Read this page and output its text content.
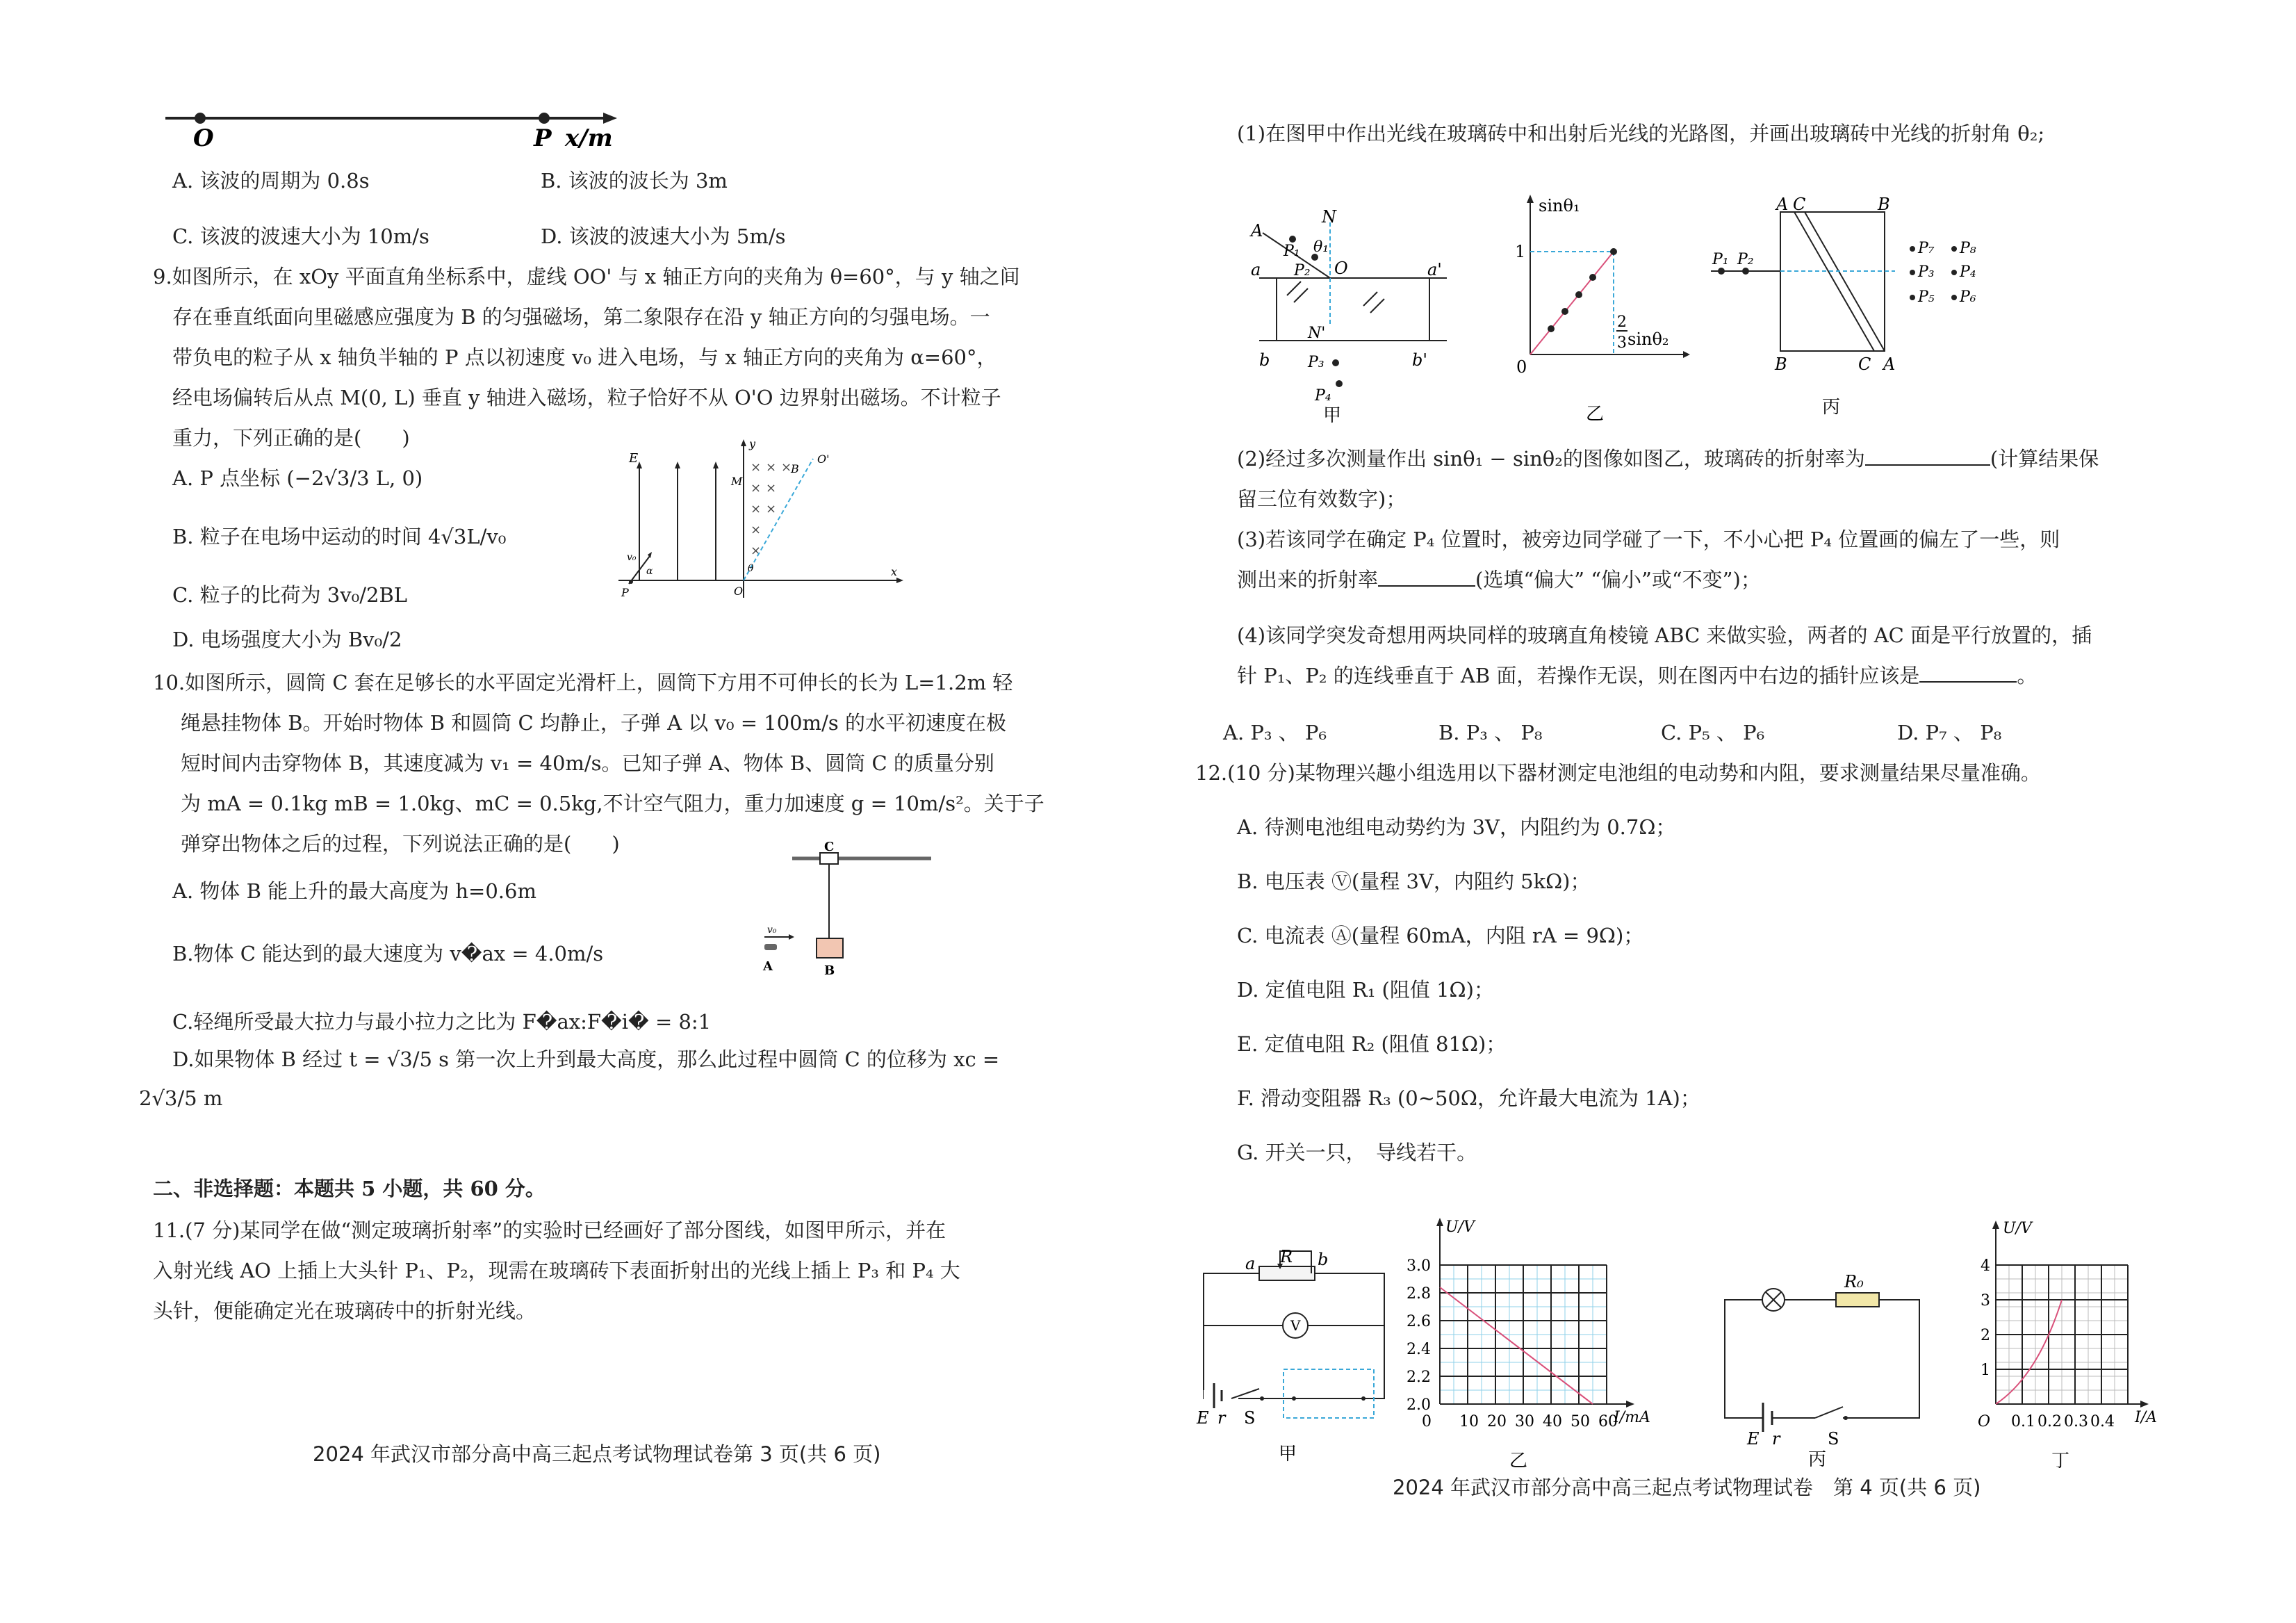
O	P x/m
A. 该波的周期为 0.8s	B. 该波的波长为 3m
C. 该波的波速大小为 10m/s	D. 该波的波速大小为 5m/s
9.如图所示，在 xOy 平面直角坐标系中，虚线 OO' 与 x 轴正方向的夹角为 θ=60°，与 y 轴之间
存在垂直纸面向里磁感应强度为 B 的匀强磁场，第二象限存在沿 y 轴正方向的匀强电场。一
带负电的粒子从 x 轴负半轴的 P 点以初速度 v₀ 进入电场，与 x 轴正方向的夹角为 α=60°，
经电场偏转后从点 M(0, L) 垂直 y 轴进入磁场，粒子恰好不从 O'O 边界射出磁场。不计粒子
重力，下列正确的是(　　)
A. P 点坐标 (−2√3/3 L, 0)
B. 粒子在电场中运动的时间 4√3L/v₀
C. 粒子的比荷为 3v₀/2BL
D. 电场强度大小为 Bv₀/2
× × ×
× ×
× ×
×
×
E
y
x
M
O
P
B
O'
v₀
α	θ
10.如图所示，圆筒 C 套在足够长的水平固定光滑杆上，圆筒下方用不可伸长的长为 L=1.2m 轻
绳悬挂物体 B。开始时物体 B 和圆筒 C 均静止，子弹 A 以 v₀ = 100m/s 的水平初速度在极
短时间内击穿物体 B，其速度减为 v₁ = 40m/s。已知子弹 A、物体 B、圆筒 C 的质量分别
为 mA = 0.1kg mB = 1.0kg、mC = 0.5kg,不计空气阻力，重力加速度 g = 10m/s²。关于子
弹穿出物体之后的过程，下列说法正确的是(　　)
A. 物体 B 能上升的最大高度为 h=0.6m
B.物体 C 能达到的最大速度为 v�ax = 4.0m/s
C.轻绳所受最大拉力与最小拉力之比为 F�ax:F�i� = 8:1
D.如果物体 B 经过 t = √3/5 s 第一次上升到最大高度，那么此过程中圆筒 C 的位移为 xc =
2√3/5 m
C
A	B
v₀
二、非选择题：本题共 5 小题，共 60 分。
11.(7 分)某同学在做“测定玻璃折射率”的实验时已经画好了部分图线，如图甲所示，并在
入射光线 AO 上插上大头针 P₁、P₂，现需在玻璃砖下表面折射出的光线上插上 P₃ 和 P₄ 大
头针，便能确定光在玻璃砖中的折射光线。
2024 年武汉市部分高中高三起点考试物理试卷第 3 页(共 6 页)
(1)在图甲中作出光线在玻璃砖中和出射后光线的光路图，并画出玻璃砖中光线的折射角 θ₂;
A
N
P₁
P₂
θ₁
O
a	a'
N'
b	b'
P₃
P₄
甲
sinθ₁
sinθ₂
1
2
3
0
乙
A C	B
B	C A
P₁ P₂
P₇ P₈
P₃ P₄
P₅ P₆
丙
(2)经过多次测量作出 sinθ₁ − sinθ₂的图像如图乙，玻璃砖的折射率为	(计算结果保
留三位有效数字)；
(3)若该同学在确定 P₄ 位置时，被旁边同学碰了一下，不小心把 P₄ 位置画的偏左了一些，则
测出来的折射率	(选填“偏大” “偏小”或“不变”)；
(4)该同学突发奇想用两块同样的玻璃直角棱镜 ABC 来做实验，两者的 AC 面是平行放置的，插
针 P₁、P₂ 的连线垂直于 AB 面，若操作无误，则在图丙中右边的插针应该是	。
A. P₃ 、 P₆	B. P₃ 、 P₈	C. P₅ 、 P₆	D. P₇ 、 P₈
12.(10 分)某物理兴趣小组选用以下器材测定电池组的电动势和内阻，要求测量结果尽量准确。
A. 待测电池组电动势约为 3V，内阻约为 0.7Ω；
B. 电压表 Ⓥ(量程 3V，内阻约 5kΩ)；
C. 电流表 Ⓐ(量程 60mA，内阻 rA = 9Ω)；
D. 定值电阻 R₁ (阻值 1Ω)；
E. 定值电阻 R₂ (阻值 81Ω)；
F. 滑动变阻器 R₃ (0~50Ω，允许最大电流为 1A)；
G. 开关一只，　导线若干。
a R b
V
E r S
甲
U/V
I/mA
3.0
2.8
2.6
2.4
2.2
2.0
0 10 20 30 40 50 60
乙
R₀
E r	S
丙
U/V
I/A
4
3
2
1
O 0.1 0.2 0.3 0.4
丁
2024 年武汉市部分高中高三起点考试物理试卷　第 4 页(共 6 页)
